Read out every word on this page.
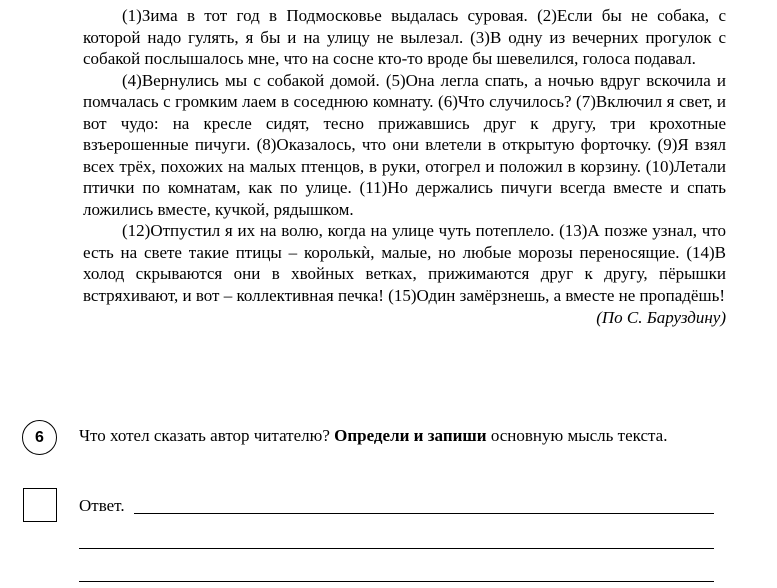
(1)Зима в тот год в Подмосковье выдалась суровая. (2)Если бы не собака, с которой надо гулять, я бы и на улицу не вылезал. (3)В одну из вечерних прогулок с собакой послышалось мне, что на сосне кто-то вроде бы шевелился, голоса подавал.

(4)Вернулись мы с собакой домой. (5)Она легла спать, а ночью вдруг вскочила и помчалась с громким лаем в соседнюю комнату. (6)Что случилось? (7)Включил я свет, и вот чудо: на кресле сидят, тесно прижавшись друг к другу, три крохотные взъерошенные пичуги. (8)Оказалось, что они влетели в открытую форточку. (9)Я взял всех трёх, похожих на малых птенцов, в руки, отогрел и положил в корзину. (10)Летали птички по комнатам, как по улице. (11)Но держались пичуги всегда вместе и спать ложились вместе, кучкой, рядышком.

(12)Отпустил я их на волю, когда на улице чуть потеплело. (13)А позже узнал, что есть на свете такие птицы – королькѝ, малые, но любые морозы переносящие. (14)В холод скрываются они в хвойных ветках, прижимаются друг к другу, пёрышки встряхивают, и вот – коллективная печка! (15)Один замёрзнешь, а вместе не пропадёшь!

(По С. Баруздину)

6 Что хотел сказать автор читателю? Определи и запиши основную мысль текста.

Ответ.
